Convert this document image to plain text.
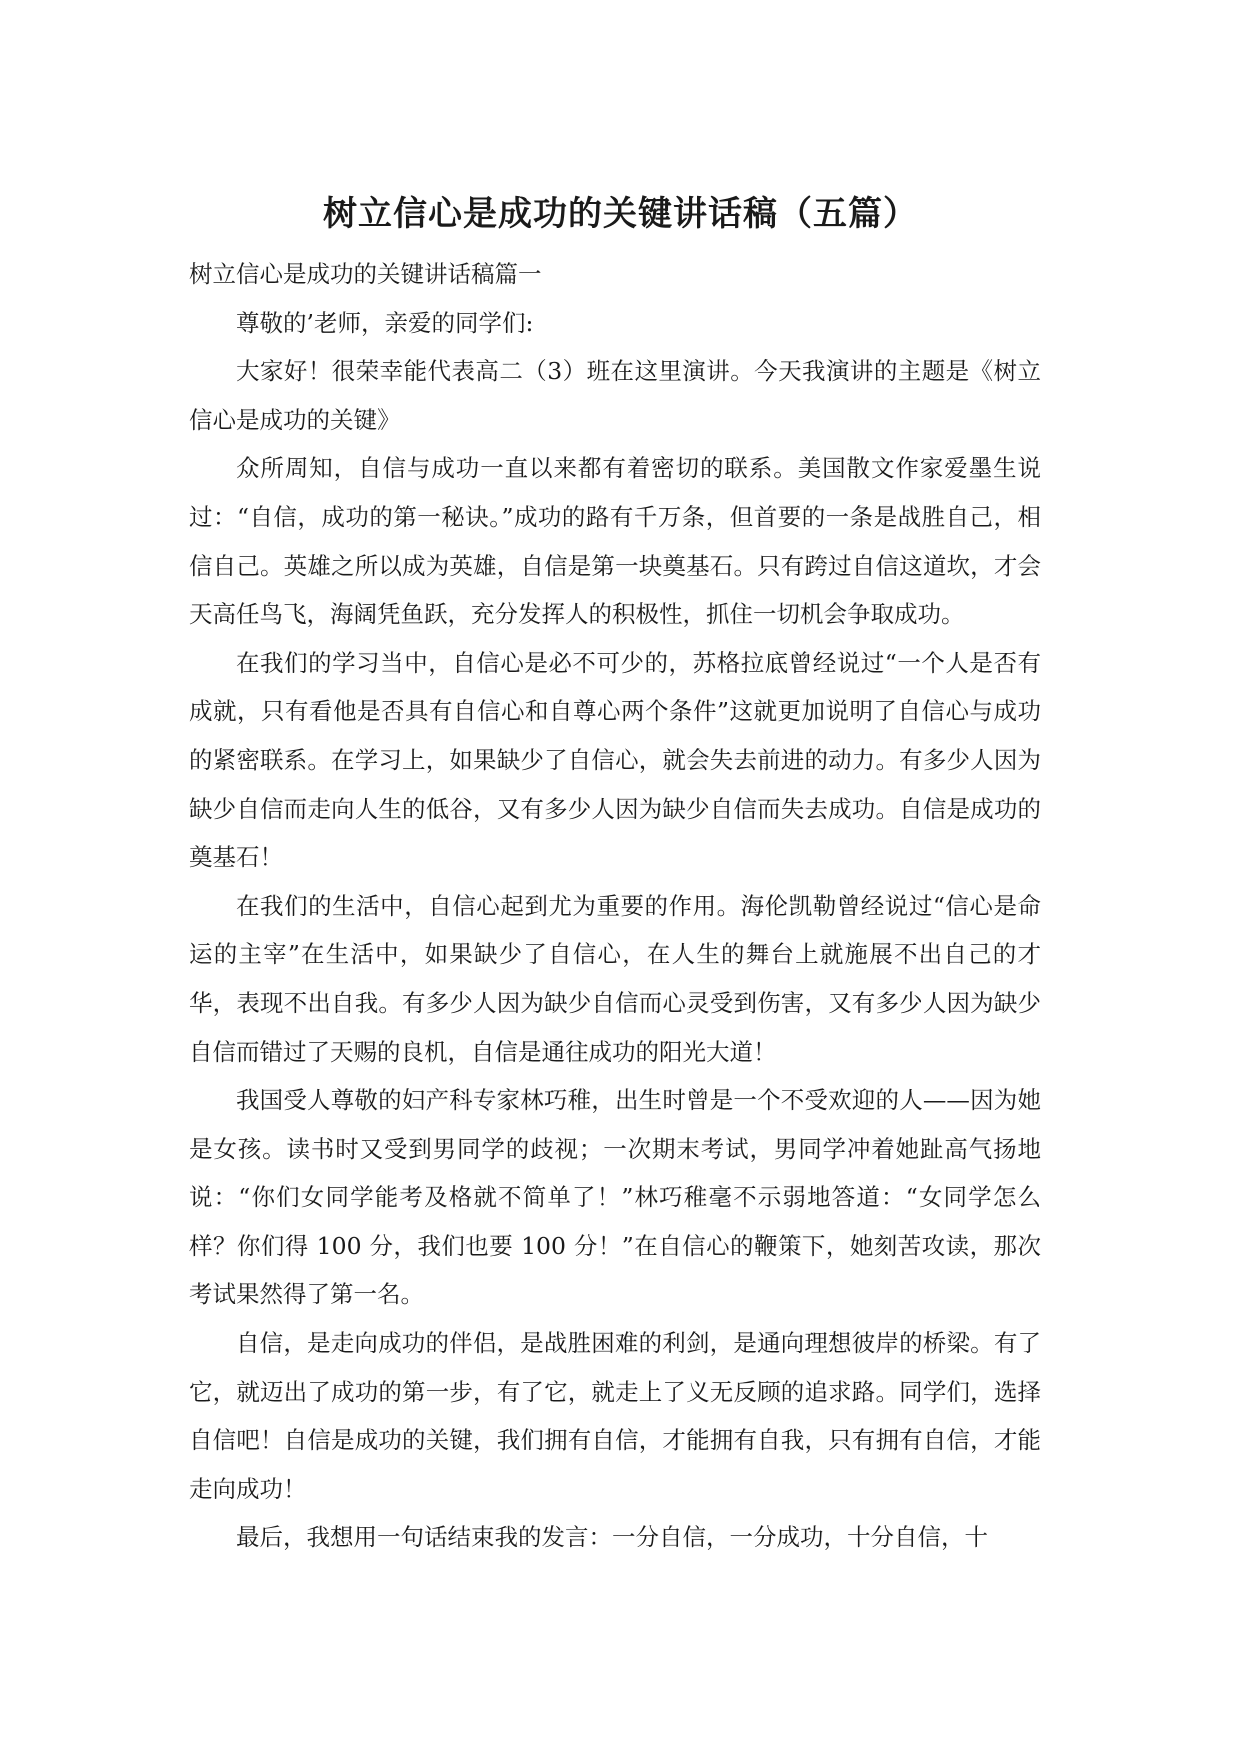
树立信心是成功的关键讲话稿（五篇）

树立信心是成功的关键讲话稿篇一

尊敬的’老师，亲爱的同学们:

大家好！很荣幸能代表高二（3）班在这里演讲。今天我演讲的主题是《树立信心是成功的关键》

众所周知，自信与成功一直以来都有着密切的联系。美国散文作家爱墨生说过：“自信，成功的第一秘诀。”成功的路有千万条，但首要的一条是战胜自己，相信自己。英雄之所以成为英雄，自信是第一块奠基石。只有跨过自信这道坎，才会天高任鸟飞，海阔凭鱼跃，充分发挥人的积极性，抓住一切机会争取成功。

在我们的学习当中，自信心是必不可少的，苏格拉底曾经说过“一个人是否有成就，只有看他是否具有自信心和自尊心两个条件”这就更加说明了自信心与成功的紧密联系。在学习上，如果缺少了自信心，就会失去前进的动力。有多少人因为缺少自信而走向人生的低谷，又有多少人因为缺少自信而失去成功。自信是成功的奠基石！

在我们的生活中，自信心起到尤为重要的作用。海伦凯勒曾经说过“信心是命运的主宰”在生活中，如果缺少了自信心，在人生的舞台上就施展不出自己的才华，表现不出自我。有多少人因为缺少自信而心灵受到伤害，又有多少人因为缺少自信而错过了天赐的良机，自信是通往成功的阳光大道！

我国受人尊敬的妇产科专家林巧稚，出生时曾是一个不受欢迎的人——因为她是女孩。读书时又受到男同学的歧视；一次期末考试，男同学冲着她趾高气扬地说：“你们女同学能考及格就不简单了！”林巧稚毫不示弱地答道：“女同学怎么样？你们得 100 分，我们也要 100 分！”在自信心的鞭策下，她刻苦攻读，那次考试果然得了第一名。

自信，是走向成功的伴侣，是战胜困难的利剑，是通向理想彼岸的桥梁。有了它，就迈出了成功的第一步，有了它，就走上了义无反顾的追求路。同学们，选择自信吧！自信是成功的关键，我们拥有自信，才能拥有自我，只有拥有自信，才能走向成功！

最后，我想用一句话结束我的发言：一分自信，一分成功，十分自信，十
